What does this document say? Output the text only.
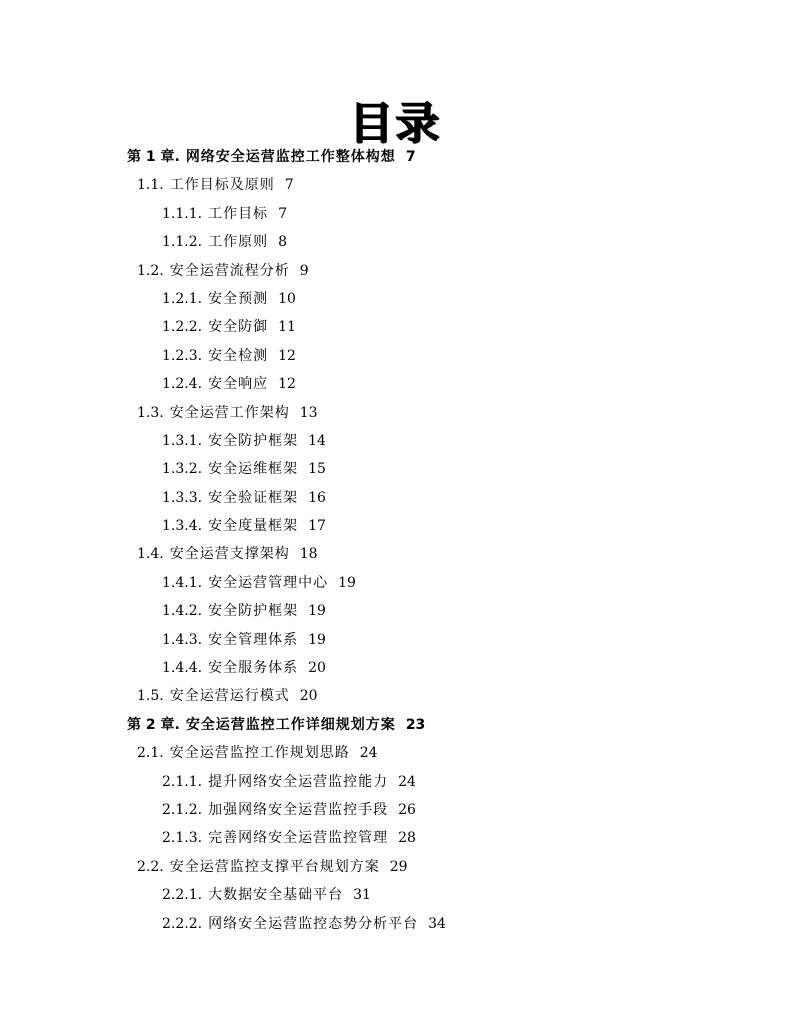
目录
第 1 章. 网络安全运营监控工作整体构想 7
1.1. 工作目标及原则 7
1.1.1. 工作目标 7
1.1.2. 工作原则 8
1.2. 安全运营流程分析 9
1.2.1. 安全预测 10
1.2.2. 安全防御 11
1.2.3. 安全检测 12
1.2.4. 安全响应 12
1.3. 安全运营工作架构 13
1.3.1. 安全防护框架 14
1.3.2. 安全运维框架 15
1.3.3. 安全验证框架 16
1.3.4. 安全度量框架 17
1.4. 安全运营支撑架构 18
1.4.1. 安全运营管理中心 19
1.4.2. 安全防护框架 19
1.4.3. 安全管理体系 19
1.4.4. 安全服务体系 20
1.5. 安全运营运行模式 20
第 2 章. 安全运营监控工作详细规划方案 23
2.1. 安全运营监控工作规划思路 24
2.1.1. 提升网络安全运营监控能力 24
2.1.2. 加强网络安全运营监控手段 26
2.1.3. 完善网络安全运营监控管理 28
2.2. 安全运营监控支撑平台规划方案 29
2.2.1. 大数据安全基础平台 31
2.2.2. 网络安全运营监控态势分析平台 34
